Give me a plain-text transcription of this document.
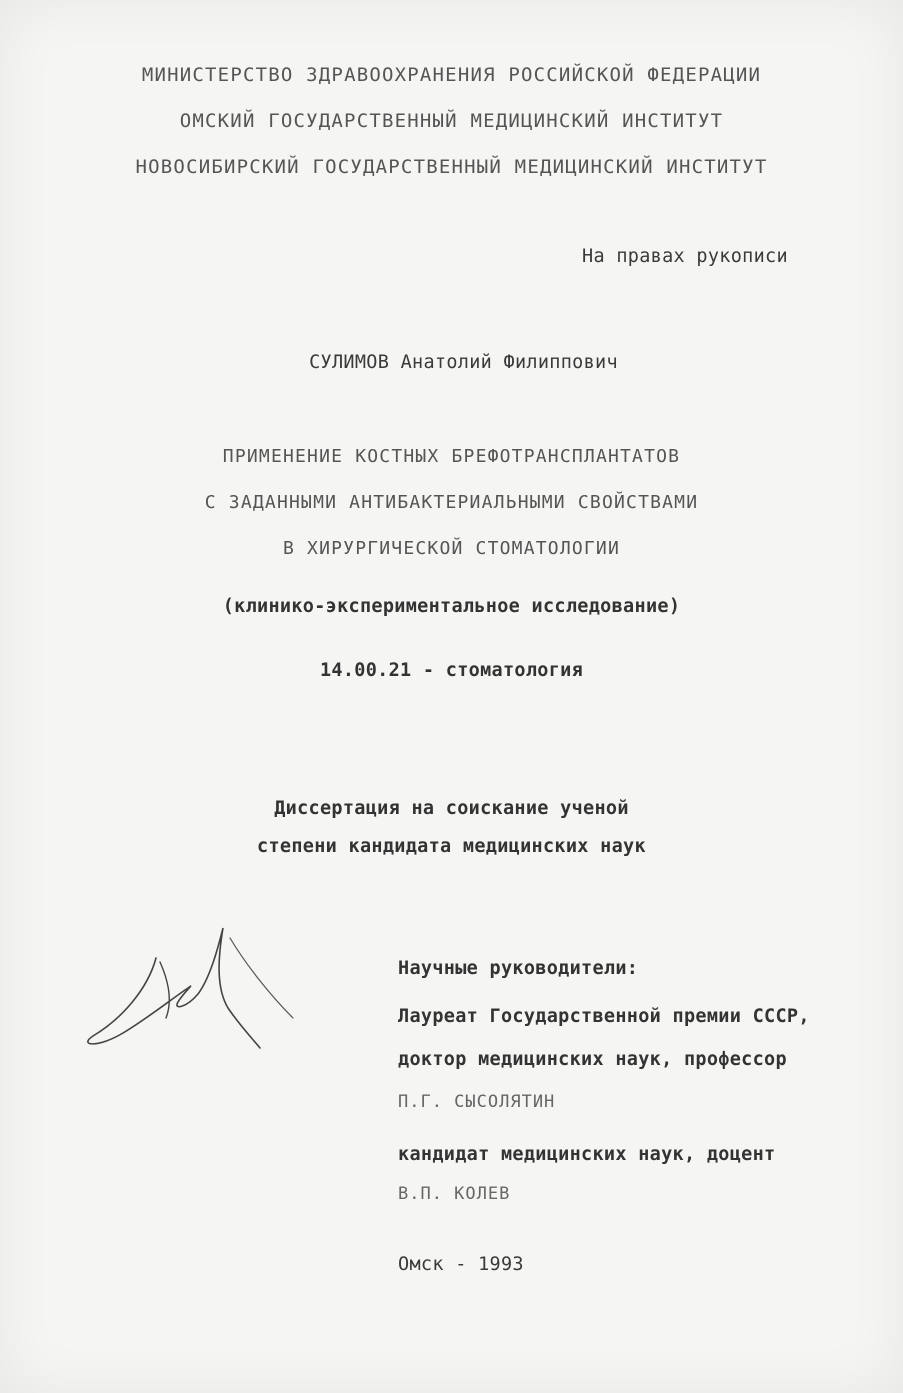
МИНИСТЕРСТВО ЗДРАВООХРАНЕНИЯ РОССИЙСКОЙ ФЕДЕРАЦИИ
ОМСКИЙ ГОСУДАРСТВЕННЫЙ МЕДИЦИНСКИЙ ИНСТИТУТ
НОВОСИБИРСКИЙ ГОСУДАРСТВЕННЫЙ МЕДИЦИНСКИЙ ИНСТИТУТ
На правах рукописи
СУЛИМОВ Анатолий Филиппович
ПРИМЕНЕНИЕ КОСТНЫХ БРЕФОТРАНСПЛАНТАТОВ
С ЗАДАННЫМИ АНТИБАКТЕРИАЛЬНЫМИ СВОЙСТВАМИ
В ХИРУРГИЧЕСКОЙ СТОМАТОЛОГИИ
(клинико-экспериментальное исследование)
14.00.21 - стоматология
Диссертация на соискание ученой
степени кандидата медицинских наук
Научные руководители:
Лауреат Государственной премии СССР,
доктор медицинских наук, профессор
П.Г. СЫСОЛЯТИН
кандидат медицинских наук, доцент
В.П. КОЛЕВ
Омск - 1993
